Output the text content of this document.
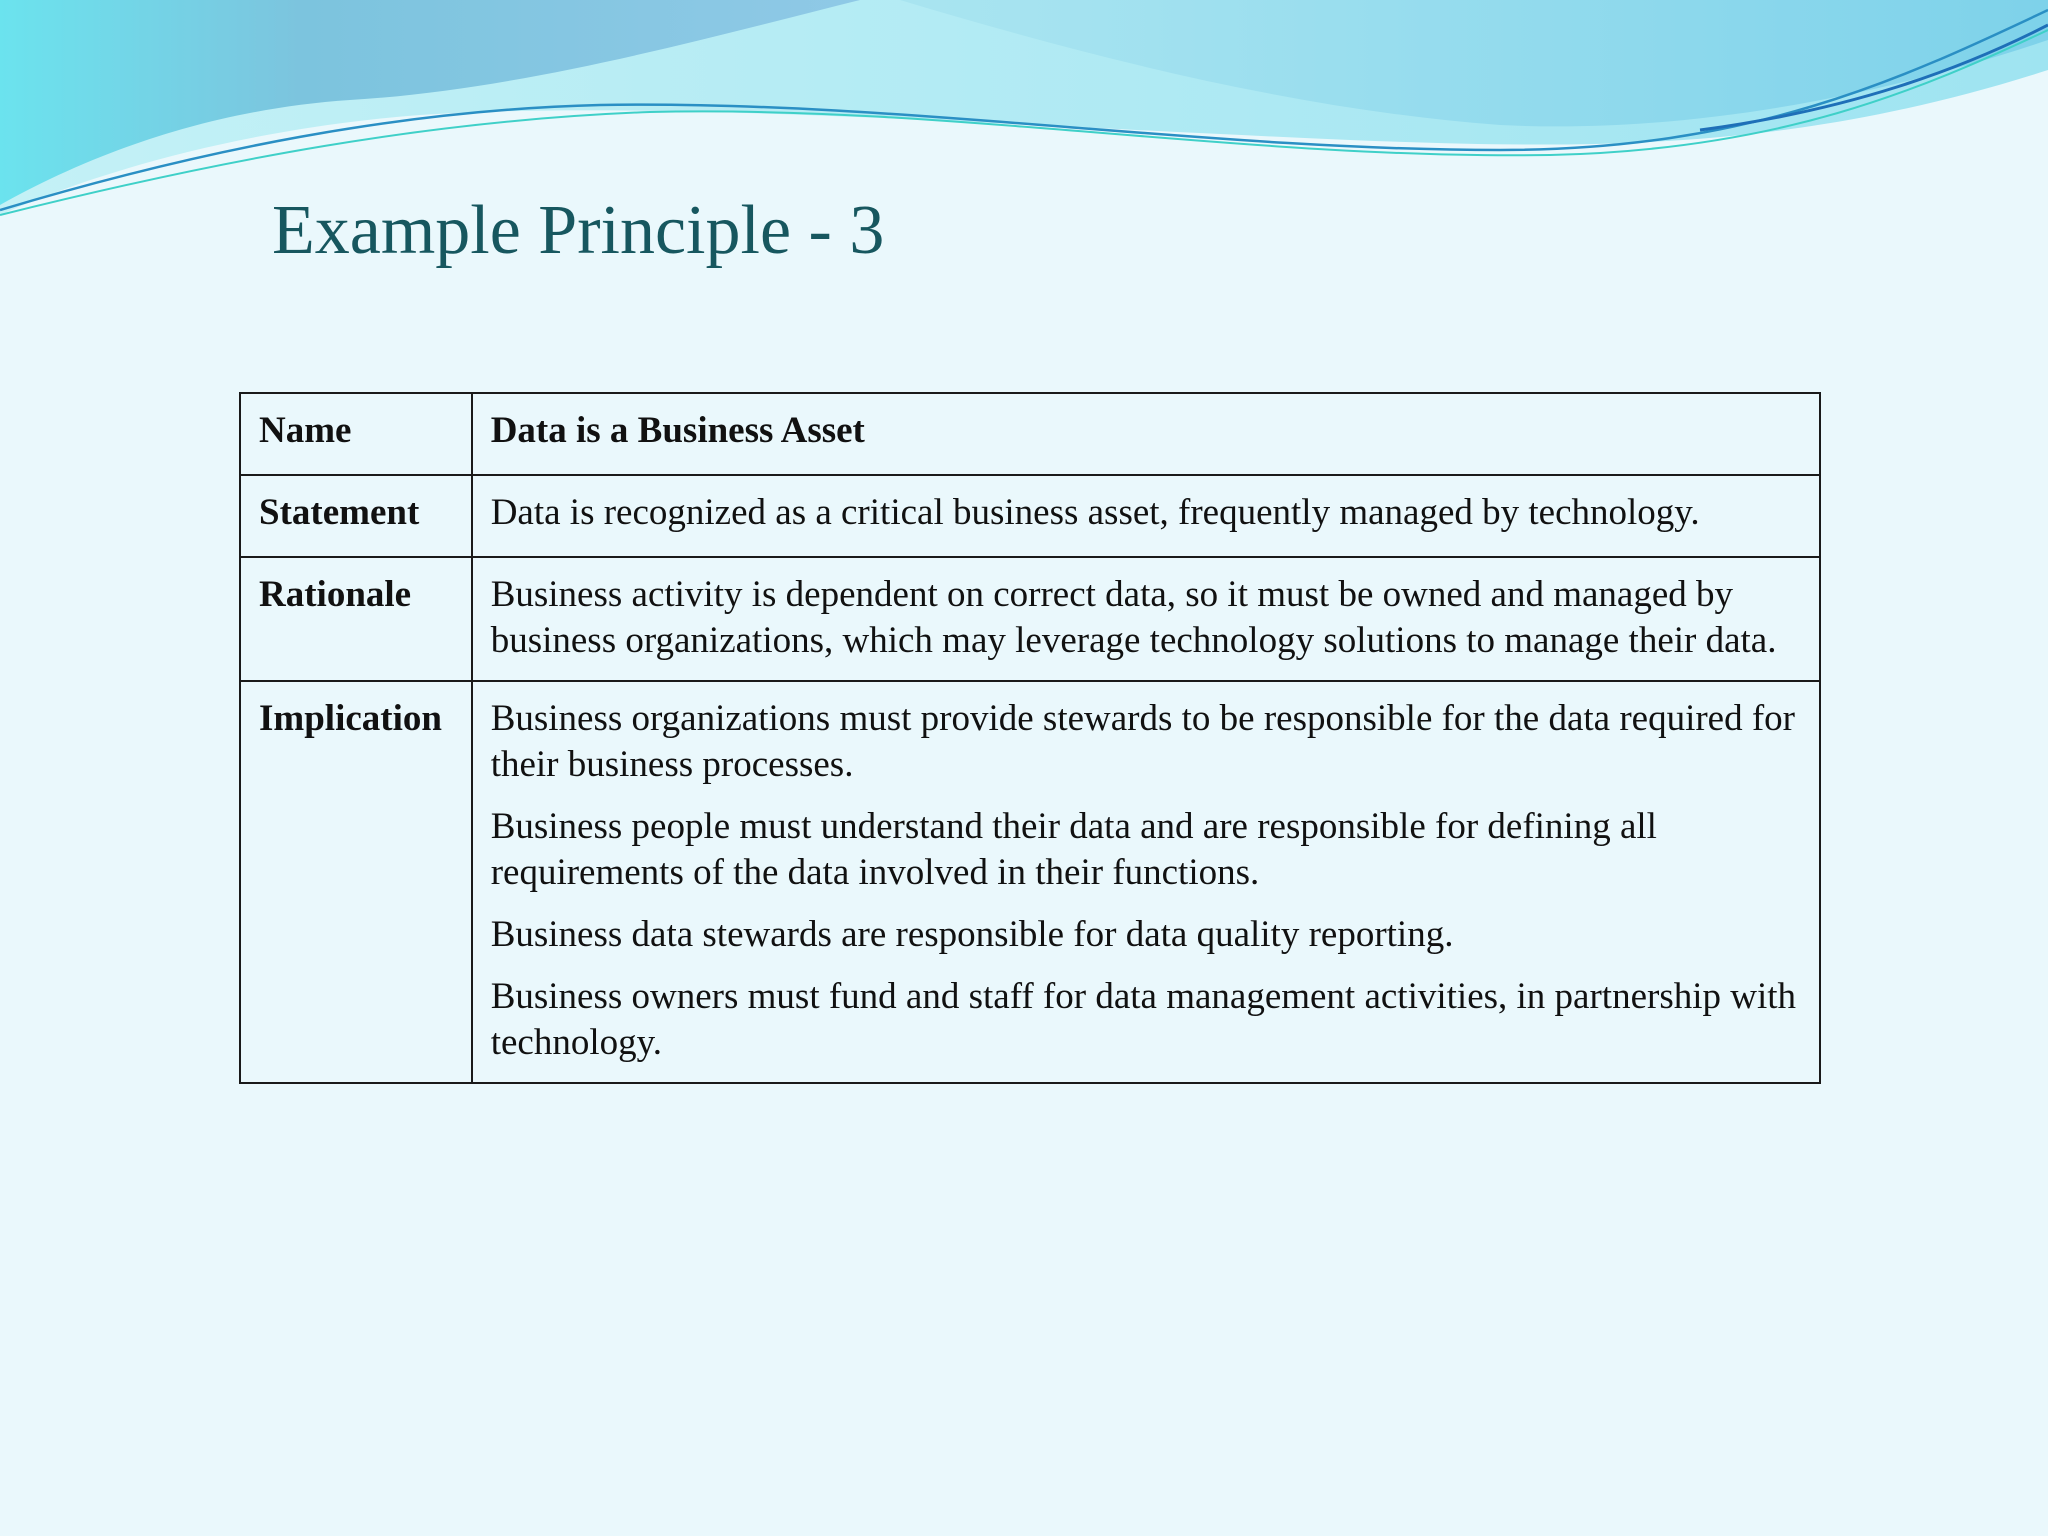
Example Principle - 3
Name	Data is a Business Asset

Statement	Data is recognized as a critical business asset, frequently managed by technology.

Rationale	Business activity is dependent on correct data, so it must be owned and managed by business organizations, which may leverage technology solutions to manage their data.

Implication	Business organizations must provide stewards to be responsible for the data required for their business processes.

Business people must understand their data and are responsible for defining all requirements of the data involved in their functions.

Business data stewards are responsible for data quality reporting.

Business owners must fund and staff for data management activities, in partnership with technology.
